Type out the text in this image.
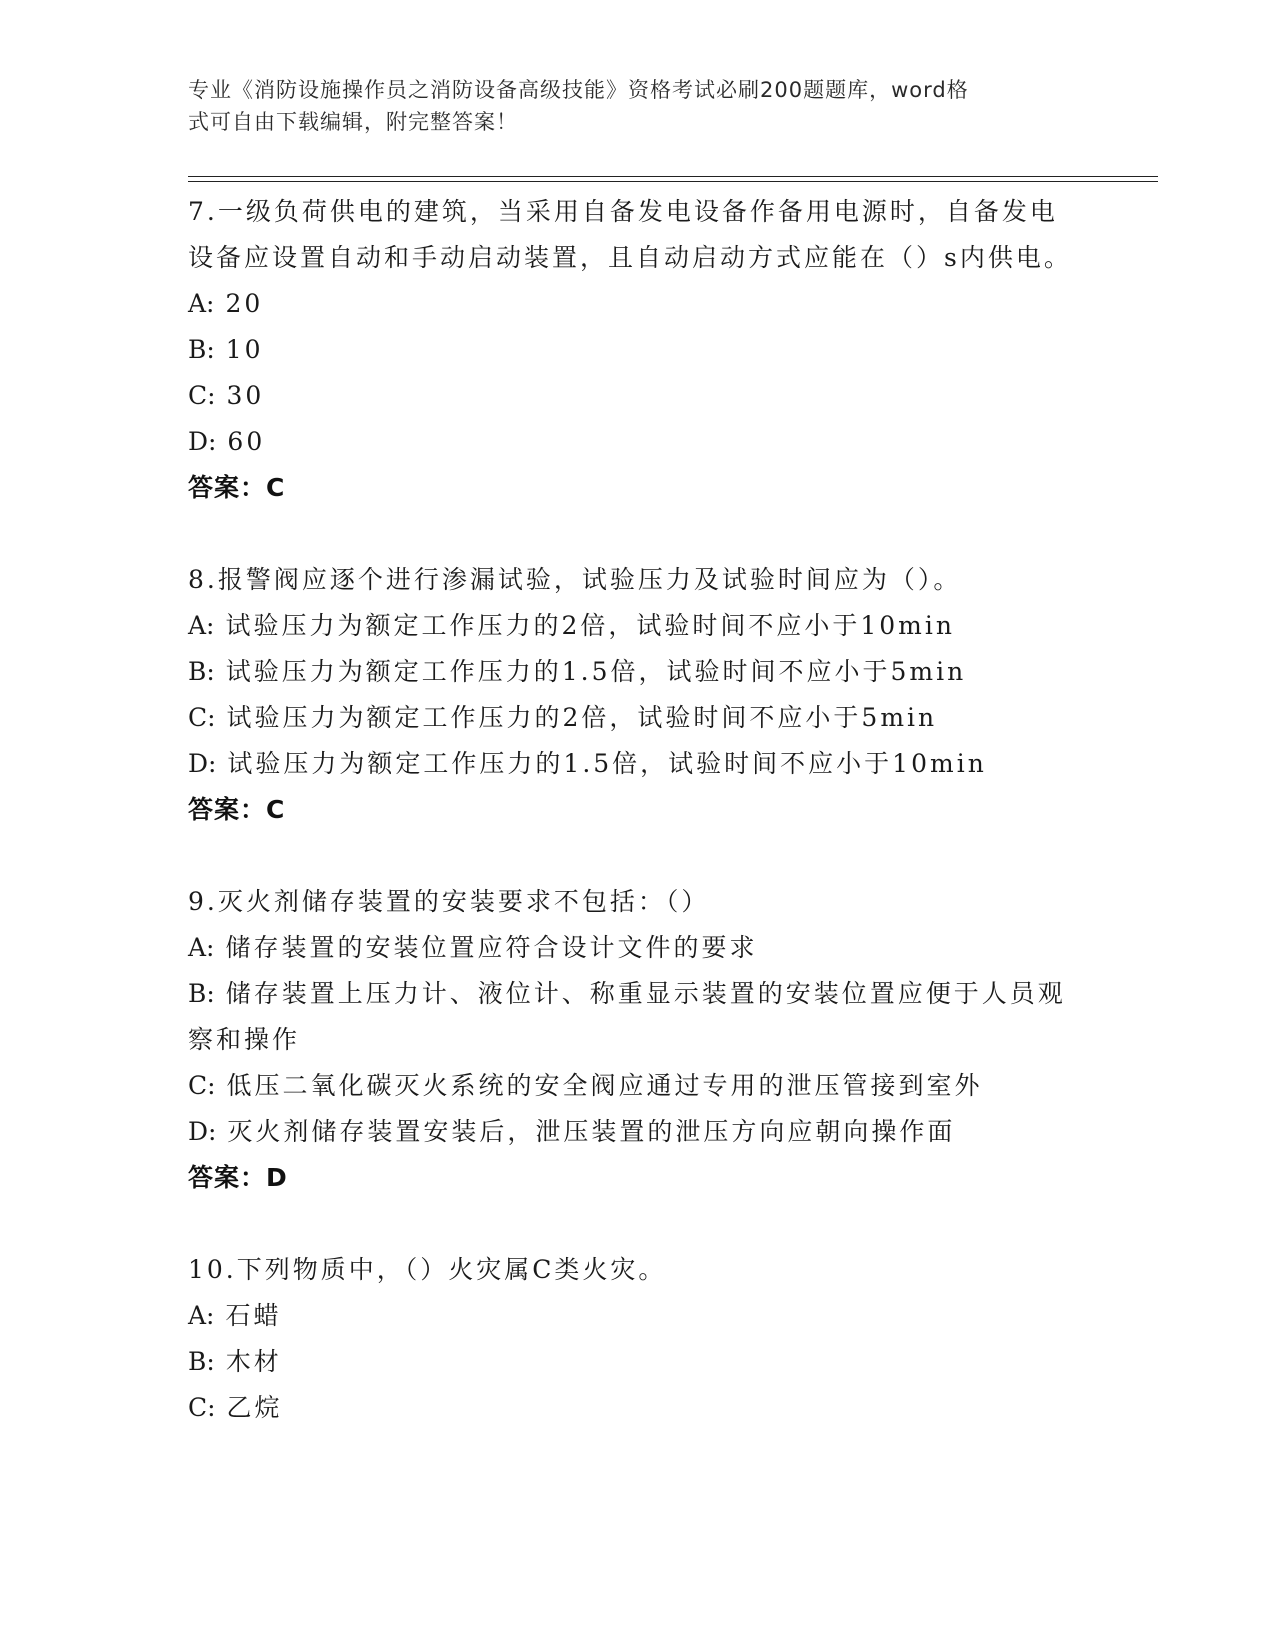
专业《消防设施操作员之消防设备高级技能》资格考试必刷200题题库，word格
式可自由下载编辑，附完整答案！
7.一级负荷供电的建筑，当采用自备发电设备作备用电源时，自备发电设备应设置自动和手动启动装置，且自动启动方式应能在（）s内供电。
A: 20
B: 10
C: 30
D: 60
答案：C
8.报警阀应逐个进行渗漏试验，试验压力及试验时间应为（）。
A: 试验压力为额定工作压力的2倍，试验时间不应小于10min
B: 试验压力为额定工作压力的1.5倍，试验时间不应小于5min
C: 试验压力为额定工作压力的2倍，试验时间不应小于5min
D: 试验压力为额定工作压力的1.5倍，试验时间不应小于10min
答案：C
9.灭火剂储存装置的安装要求不包括：（）
A: 储存装置的安装位置应符合设计文件的要求
B: 储存装置上压力计、液位计、称重显示装置的安装位置应便于人员观察和操作
C: 低压二氧化碳灭火系统的安全阀应通过专用的泄压管接到室外
D: 灭火剂储存装置安装后，泄压装置的泄压方向应朝向操作面
答案：D
10.下列物质中，（）火灾属C类火灾。
A: 石蜡
B: 木材
C: 乙烷
